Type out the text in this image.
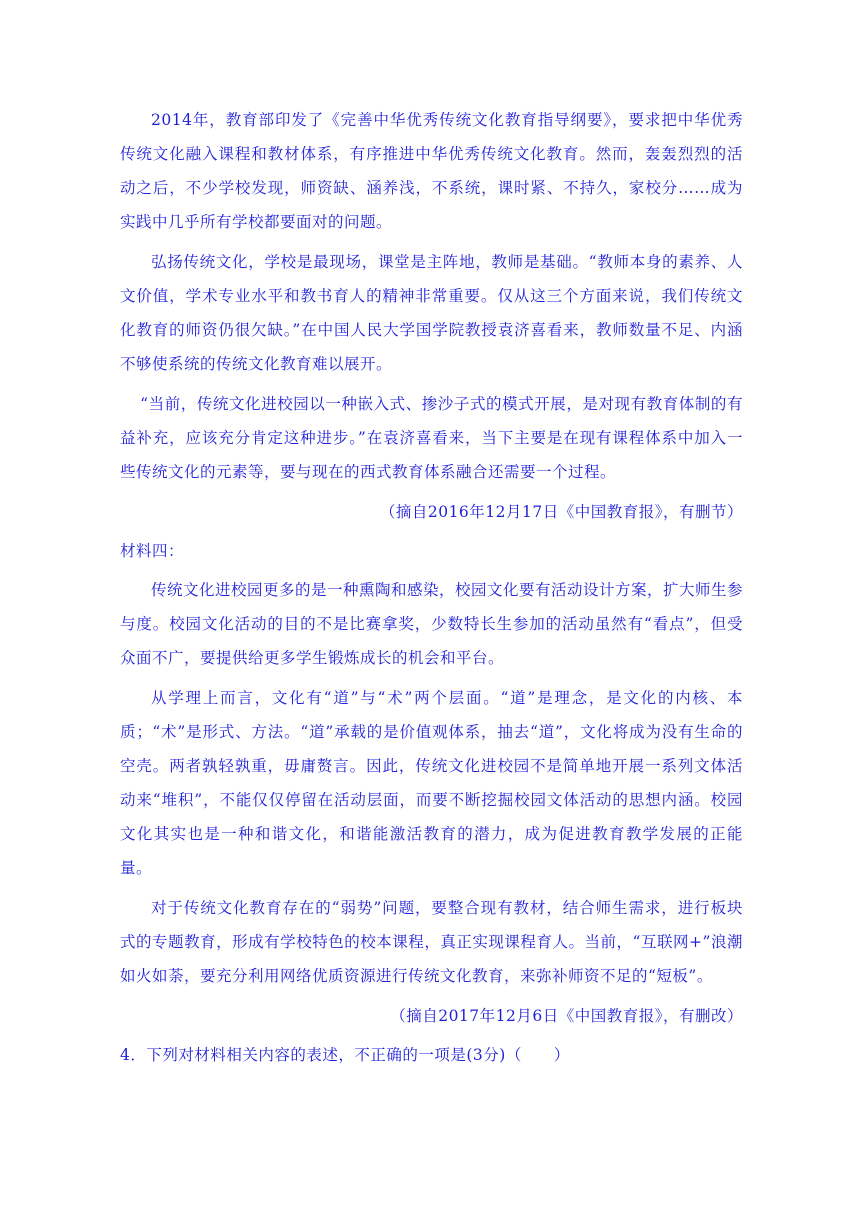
2014年，教育部印发了《完善中华优秀传统文化教育指导纲要》，要求把中华优秀传统文化融入课程和教材体系，有序推进中华优秀传统文化教育。然而，轰轰烈烈的活动之后，不少学校发现，师资缺、涵养浅，不系统，课时紧、不持久，家校分……成为实践中几乎所有学校都要面对的问题。

弘扬传统文化，学校是最现场，课堂是主阵地，教师是基础。“教师本身的素养、人文价值，学术专业水平和教书育人的精神非常重要。仅从这三个方面来说，我们传统文化教育的师资仍很欠缺。”在中国人民大学国学院教授袁济喜看来，教师数量不足、内涵不够使系统的传统文化教育难以展开。

“当前，传统文化进校园以一种嵌入式、掺沙子式的模式开展，是对现有教育体制的有益补充，应该充分肯定这种进步。”在袁济喜看来，当下主要是在现有课程体系中加入一些传统文化的元素等，要与现在的西式教育体系融合还需要一个过程。

（摘自2016年12月17日《中国教育报》，有删节）

材料四：

传统文化进校园更多的是一种熏陶和感染，校园文化要有活动设计方案，扩大师生参与度。校园文化活动的目的不是比赛拿奖，少数特长生参加的活动虽然有“看点”，但受众面不广，要提供给更多学生锻炼成长的机会和平台。

从学理上而言，文化有“道”与“术”两个层面。“道”是理念，是文化的内核、本质；“术”是形式、方法。“道”承载的是价值观体系，抽去“道”，文化将成为没有生命的空壳。两者孰轻孰重，毋庸赘言。因此，传统文化进校园不是简单地开展一系列文体活动来“堆积”，不能仅仅停留在活动层面，而要不断挖掘校园文体活动的思想内涵。校园文化其实也是一种和谐文化，和谐能激活教育的潜力，成为促进教育教学发展的正能量。

对于传统文化教育存在的“弱势”问题，要整合现有教材，结合师生需求，进行板块式的专题教育，形成有学校特色的校本课程，真正实现课程育人。当前，“互联网+”浪潮如火如荼，要充分利用网络优质资源进行传统文化教育，来弥补师资不足的“短板”。

（摘自2017年12月6日《中国教育报》，有删改）

4．下列对材料相关内容的表述，不正确的一项是(3分)（　　）
